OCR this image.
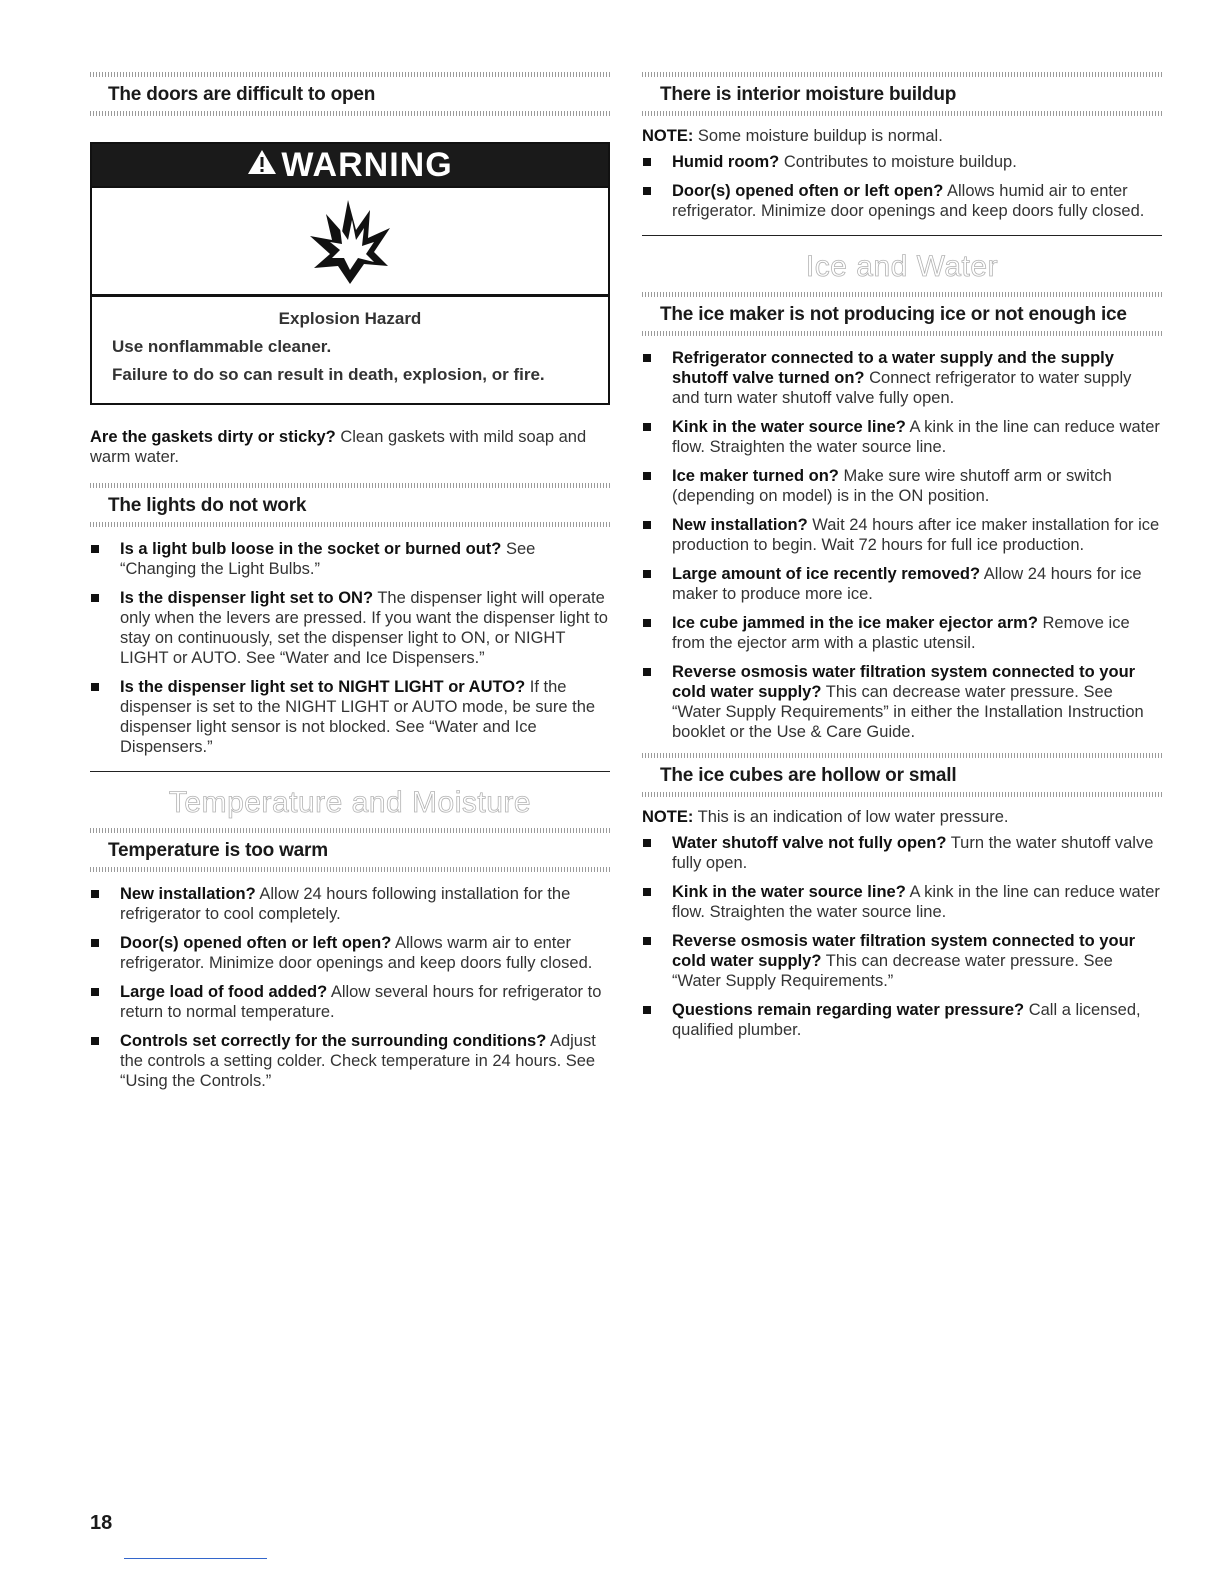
The doors are difficult to open
WARNING
Explosion Hazard
Use nonflammable cleaner.
Failure to do so can result in death, explosion, or fire.

Are the gaskets dirty or sticky? Clean gaskets with mild soap and warm water.

The lights do not work
Is a light bulb loose in the socket or burned out? See “Changing the Light Bulbs.”
Is the dispenser light set to ON? The dispenser light will operate only when the levers are pressed. If you want the dispenser light to stay on continuously, set the dispenser light to ON, or NIGHT LIGHT or AUTO. See “Water and Ice Dispensers.”
Is the dispenser light set to NIGHT LIGHT or AUTO? If the dispenser is set to the NIGHT LIGHT or AUTO mode, be sure the dispenser light sensor is not blocked. See “Water and Ice Dispensers.”
Temperature and Moisture
Temperature is too warm
New installation? Allow 24 hours following installation for the refrigerator to cool completely.
Door(s) opened often or left open? Allows warm air to enter refrigerator. Minimize door openings and keep doors fully closed.
Large load of food added? Allow several hours for refrigerator to return to normal temperature.
Controls set correctly for the surrounding conditions? Adjust the controls a setting colder. Check temperature in 24 hours. See “Using the Controls.”
There is interior moisture buildup

NOTE: Some moisture buildup is normal.

Humid room? Contributes to moisture buildup.
Door(s) opened often or left open? Allows humid air to enter refrigerator. Minimize door openings and keep doors fully closed.
Ice and Water
The ice maker is not producing ice or not enough ice
Refrigerator connected to a water supply and the supply shutoff valve turned on? Connect refrigerator to water supply and turn water shutoff valve fully open.
Kink in the water source line? A kink in the line can reduce water flow. Straighten the water source line.
Ice maker turned on? Make sure wire shutoff arm or switch (depending on model) is in the ON position.
New installation? Wait 24 hours after ice maker installation for ice production to begin. Wait 72 hours for full ice production.
Large amount of ice recently removed? Allow 24 hours for ice maker to produce more ice.
Ice cube jammed in the ice maker ejector arm? Remove ice from the ejector arm with a plastic utensil.
Reverse osmosis water filtration system connected to your cold water supply? This can decrease water pressure. See “Water Supply Requirements” in either the Installation Instruction booklet or the Use & Care Guide.
The ice cubes are hollow or small

NOTE: This is an indication of low water pressure.

Water shutoff valve not fully open? Turn the water shutoff valve fully open.
Kink in the water source line? A kink in the line can reduce water flow. Straighten the water source line.
Reverse osmosis water filtration system connected to your cold water supply? This can decrease water pressure. See “Water Supply Requirements.”
Questions remain regarding water pressure? Call a licensed, qualified plumber.
18
